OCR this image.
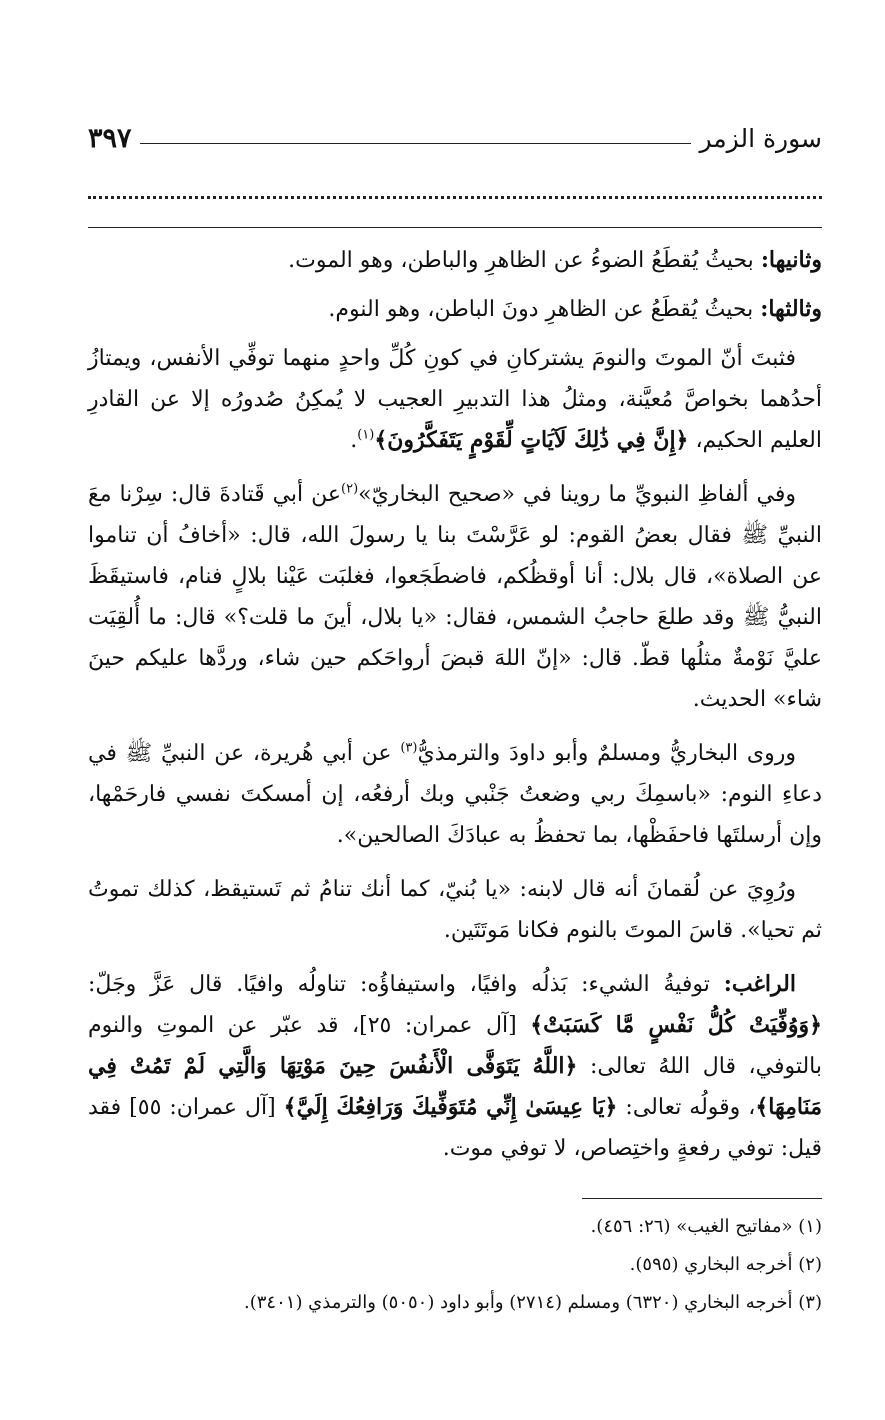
سورة الزمر
٣٩٧

وثانيها: بحيثُ يُقطَعُ الضوءُ عن الظاهرِ والباطن، وهو الموت.

وثالثها: بحيثُ يُقطَعُ عن الظاهرِ دونَ الباطن، وهو النوم.

فثبتَ أنّ الموتَ والنومَ يشتركانِ في كونِ كُلِّ واحدٍ منهما توفِّي الأنفس، ويمتازُ أحدُهما بخواصَّ مُعيَّنة، ومثلُ هذا التدبيرِ العجيب لا يُمكِنُ صُدورُه إلا عن القادرِ العليم الحكيم، ﴿إِنَّ فِي ذَٰلِكَ لَآيَاتٍ لِّقَوْمٍ يَتَفَكَّرُونَ﴾$^{(١)}$.

وفي ألفاظِ النبويِّ ما روينا في «صحيح البخاريّ»$^{(٢)}$عن أبي قَتادةَ قال: سِرْنا معَ النبيِّ ﷺ فقال بعضُ القوم: لو عَرَّسْتَ بنا يا رسولَ الله، قال: «أخافُ أن تناموا عن الصلاة»، قال بلال: أنا أوقظُكم، فاضطَجَعوا، فغلبَت عَيْنا بلالٍ فنام، فاستيقَظَ النبيُّ ﷺ وقد طلعَ حاجبُ الشمس، فقال: «يا بلال، أينَ ما قلت؟» قال: ما أُلقِيَت عليَّ نَوْمةٌ مثلُها قطّ. قال: «إنّ اللهَ قبضَ أرواحَكم حين شاء، وردَّها عليكم حينَ شاء» الحديث.

وروى البخاريُّ ومسلمٌ وأبو داودَ والترمذيُّ$^{(٣)}$ عن أبي هُريرة، عن النبيِّ ﷺ في دعاءِ النوم: «باسمِكَ ربي وضعتُ جَنْبي وبك أرفعُه، إن أمسكتَ نفسي فارحَمْها، وإن أرسلتَها فاحفَظْها، بما تحفظُ به عبادَكَ الصالحين».

ورُوِيَ عن لُقمانَ أنه قال لابنه: «يا بُنيّ، كما أنك تنامُ ثم تَستيقظ، كذلك تموتُ ثم تحيا». قاسَ الموتَ بالنوم فكانا مَوتَتَين.

الراغب: توفيةُ الشيء: بَذلُه وافيًا، واستيفاؤُه: تناولُه وافيًا. قال عَزَّ وجَلّ: ﴿وَوُفِّيَتْ كُلُّ نَفْسٍ مَّا كَسَبَتْ﴾ [آل عمران: ٢٥]، قد عبّر عن الموتِ والنوم بالتوفي، قال اللهُ تعالى: ﴿اللَّهُ يَتَوَفَّى الْأَنفُسَ حِينَ مَوْتِهَا وَالَّتِي لَمْ تَمُتْ فِي مَنَامِهَا﴾، وقولُه تعالى: ﴿يَا عِيسَىٰ إِنِّي مُتَوَفِّيكَ وَرَافِعُكَ إِلَيَّ﴾ [آل عمران: ٥٥] فقد قيل: توفي رفعةٍ واختِصاص، لا توفي موت.

(١) «مفاتيح الغيب» (٢٦: ٤٥٦).
(٢) أخرجه البخاري (٥٩٥).
(٣) أخرجه البخاري (٦٣٢٠) ومسلم (٢٧١٤) وأبو داود (٥٠٥٠) والترمذي (٣٤٠١).
